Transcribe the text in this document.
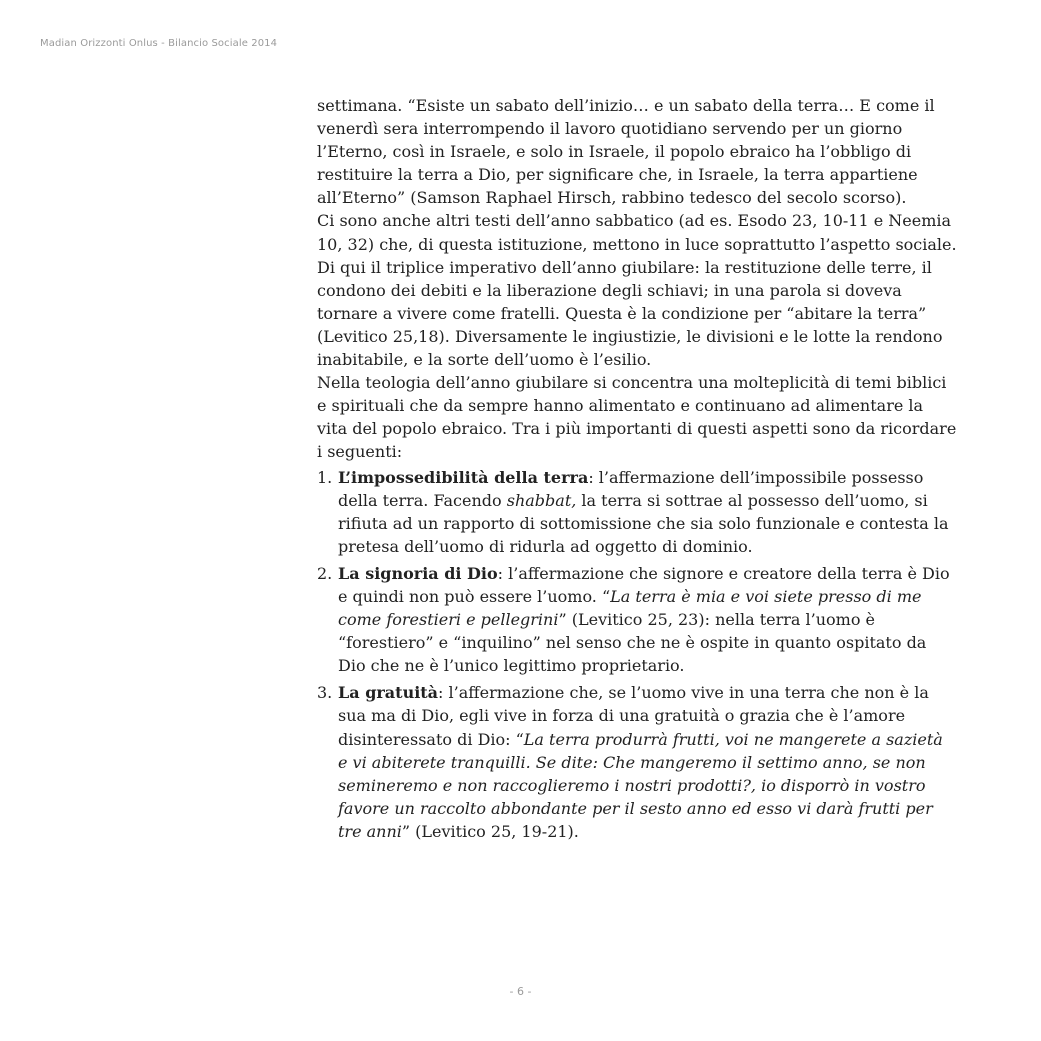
Madian Orizzonti Onlus - Bilancio Sociale 2014

settimana. “Esiste un sabato dell’inizio… e un sabato della terra… E come il venerdì sera interrompendo il lavoro quotidiano servendo per un giorno l’Eterno, così in Israele, e solo in Israele, il popolo ebraico ha l’obbligo di restituire la terra a Dio, per significare che, in Israele, la terra appartiene all’Eterno” (Samson Raphael Hirsch, rabbino tedesco del secolo scorso).

Ci sono anche altri testi dell’anno sabbatico (ad es. Esodo 23, 10-11 e Neemia 10, 32) che, di questa istituzione, mettono in luce soprattutto l’aspetto sociale. Di qui il triplice imperativo dell’anno giubilare: la restituzione delle terre, il condono dei debiti e la liberazione degli schiavi; in una parola si doveva tornare a vivere come fratelli. Questa è la condizione per “abitare la terra” (Levitico 25,18). Diversamente le ingiustizie, le divisioni e le lotte la rendono inabitabile, e la sorte dell’uomo è l’esilio.

Nella teologia dell’anno giubilare si concentra una molteplicità di temi biblici e spirituali che da sempre hanno alimentato e continuano ad alimentare la vita del popolo ebraico. Tra i più importanti di questi aspetti sono da ricordare i seguenti:

1. L’impossedibilità della terra: l’affermazione dell’impossibile possesso della terra. Facendo shabbat, la terra si sottrae al possesso dell’uomo, si rifiuta ad un rapporto di sottomissione che sia solo funzionale e contesta la pretesa dell’uomo di ridurla ad oggetto di dominio.
2. La signoria di Dio: l’affermazione che signore e creatore della terra è Dio e quindi non può essere l’uomo. “La terra è mia e voi siete presso di me come forestieri e pellegrini” (Levitico 25, 23): nella terra l’uomo è “forestiero” e “inquilino” nel senso che ne è ospite in quanto ospitato da Dio che ne è l’unico legittimo proprietario.
3. La gratuità: l’affermazione che, se l’uomo vive in una terra che non è la sua ma di Dio, egli vive in forza di una gratuità o grazia che è l’amore disinteressato di Dio: “La terra produrrà frutti, voi ne mangerete a sazietà e vi abiterete tranquilli. Se dite: Che mangeremo il settimo anno, se non semineremo e non raccoglieremo i nostri prodotti?, io disporrò in vostro favore un raccolto abbondante per il sesto anno ed esso vi darà frutti per tre anni” (Levitico 25, 19-21).
- 6 -
